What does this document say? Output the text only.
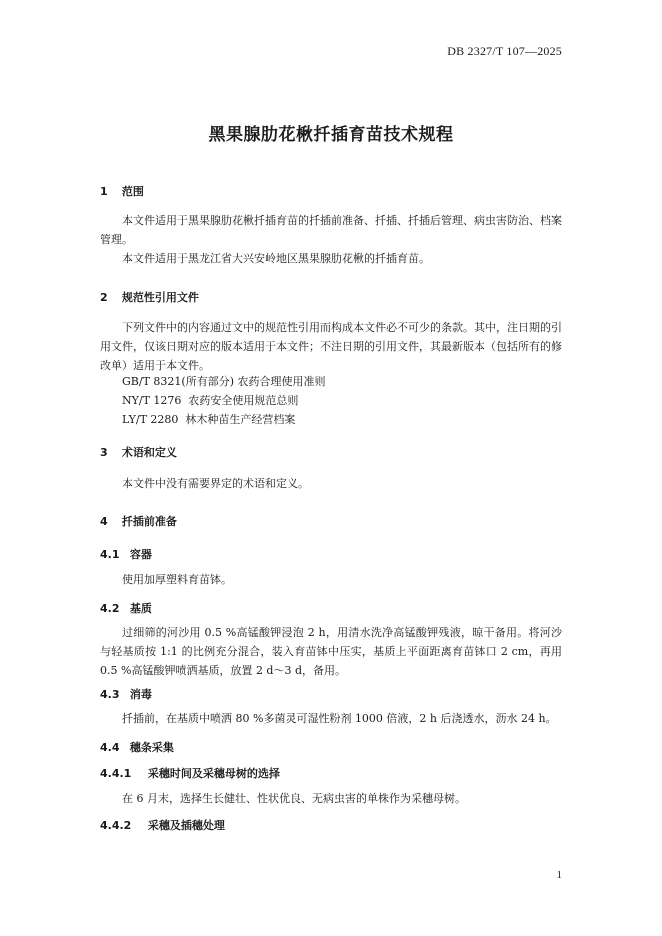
DB 2327/T 107—2025
黑果腺肋花楸扦插育苗技术规程
1 范围

本文件适用于黑果腺肋花楸扦插育苗的扦插前准备、扦插、扦插后管理、病虫害防治、档案管理。

本文件适用于黑龙江省大兴安岭地区黑果腺肋花楸的扦插育苗。

2 规范性引用文件

下列文件中的内容通过文中的规范性引用而构成本文件必不可少的条款。其中，注日期的引用文件，仅该日期对应的版本适用于本文件；不注日期的引用文件，其最新版本（包括所有的修改单）适用于本文件。

GB/T 8321(所有部分) 农药合理使用准则
NY/T 1276  农药安全使用规范总则
LY/T 2280  林木种苗生产经营档案
3 术语和定义

本文件中没有需要界定的术语和定义。

4 扦插前准备
4.1 容器

使用加厚塑料育苗钵。

4.2 基质

过细筛的河沙用 0.5 %高锰酸钾浸泡 2 h，用清水洗净高锰酸钾残液，晾干备用。将河沙与轻基质按 1:1 的比例充分混合，装入育苗钵中压实，基质上平面距离育苗钵口 2 cm，再用 0.5 %高锰酸钾喷洒基质，放置 2 d～3 d，备用。

4.3 消毒

扦插前，在基质中喷洒 80 %多菌灵可湿性粉剂 1000 倍液，2 h 后浇透水，沥水 24 h。

4.4 穗条采集
4.4.1 采穗时间及采穗母树的选择

在 6 月末，选择生长健壮、性状优良、无病虫害的单株作为采穗母树。

4.4.2 采穗及插穗处理
1
